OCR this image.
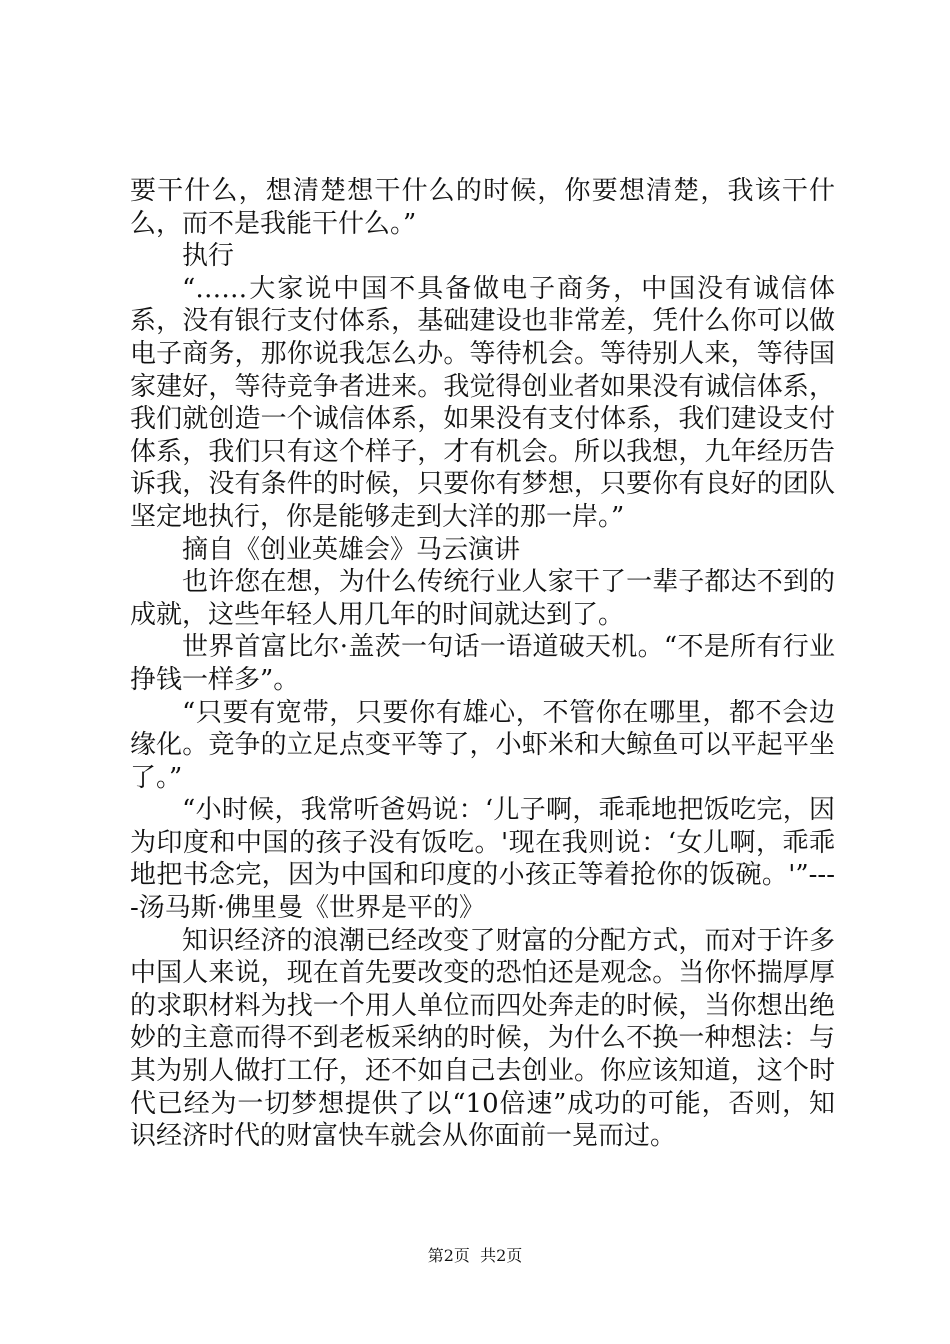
要干什么，想清楚想干什么的时候，你要想清楚，我该干什么，而不是我能干什么。”

执行

“……大家说中国不具备做电子商务，中国没有诚信体系，没有银行支付体系，基础建设也非常差，凭什么你可以做电子商务，那你说我怎么办。等待机会。等待别人来，等待国家建好，等待竞争者进来。我觉得创业者如果没有诚信体系，我们就创造一个诚信体系，如果没有支付体系，我们建设支付体系，我们只有这个样子，才有机会。所以我想，九年经历告诉我，没有条件的时候，只要你有梦想，只要你有良好的团队坚定地执行，你是能够走到大洋的那一岸。”

摘自《创业英雄会》马云演讲

也许您在想，为什么传统行业人家干了一辈子都达不到的成就，这些年轻人用几年的时间就达到了。

世界首富比尔·盖茨一句话一语道破天机。“不是所有行业挣钱一样多”。

“只要有宽带，只要你有雄心，不管你在哪里，都不会边缘化。竞争的立足点变平等了，小虾米和大鲸鱼可以平起平坐了。”

“小时候，我常听爸妈说：‘儿子啊，乖乖地把饭吃完，因为印度和中国的孩子没有饭吃。'现在我则说：‘女儿啊，乖乖地把书念完，因为中国和印度的小孩正等着抢你的饭碗。'”----汤马斯·佛里曼《世界是平的》

知识经济的浪潮已经改变了财富的分配方式，而对于许多中国人来说，现在首先要改变的恐怕还是观念。当你怀揣厚厚的求职材料为找一个用人单位而四处奔走的时候，当你想出绝妙的主意而得不到老板采纳的时候，为什么不换一种想法：与其为别人做打工仔，还不如自己去创业。你应该知道，这个时代已经为一切梦想提供了以“10倍速”成功的可能，否则，知识经济时代的财富快车就会从你面前一晃而过。

第2页  共2页
